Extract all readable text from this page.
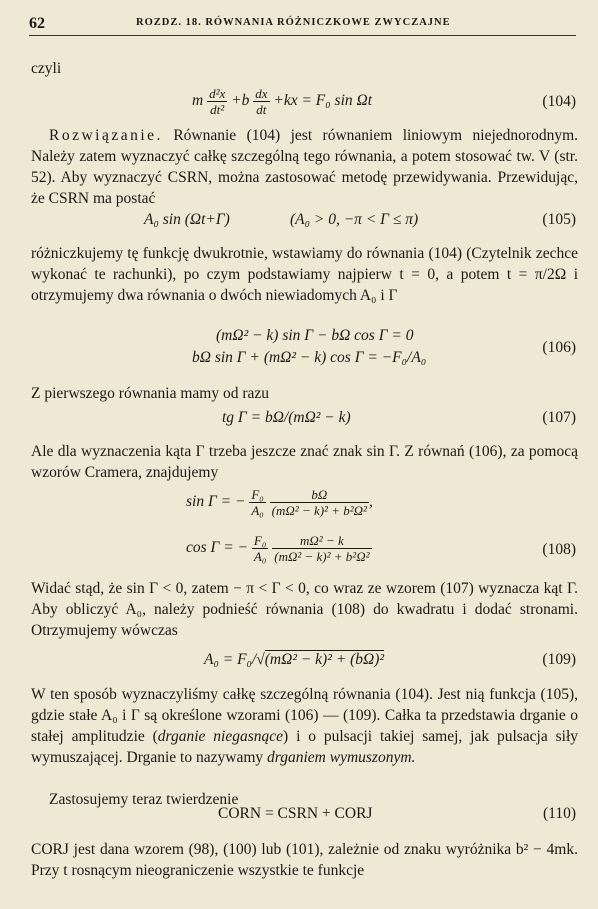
62	ROZDZ. 18. RÓWNANIA RÓŻNICZKOWE ZWYCZAJNE
czyli
m $\frac{\text{d²x}}{\text{dt²}} +b \frac{dx}{dt} +kx = F_0$ sin Ωt	(104)
Rozwiązanie. Równanie (104) jest równaniem liniowym niejednorodnym. Należy zatem wyznaczyć całkę szczególną tego równania, a potem stosować tw. V (str. 52). Aby wyznaczyć CSRN, można zastosować metodę przewidywania. Przewidując, że CSRN ma postać
A₀ sin (Ωt+Γ)	(A₀ > 0, −π < Γ ≤ π)	(105)
różniczkujemy tę funkcję dwukrotnie, wstawiamy do równania (104) (Czytelnik zechce wykonać te rachunki), po czym podstawiamy najpierw t = 0, a potem t = π/2Ω i otrzymujemy dwa równania o dwóch niewiadomych A₀ i Γ
(mΩ² − k) sin Γ − bΩ cos Γ = 0
bΩ sin Γ + (mΩ² − k) cos Γ = −F₀/A₀
(106)
Z pierwszego równania mamy od razu
tg Γ = bΩ/(mΩ² − k)	(107)
Ale dla wyznaczenia kąta Γ trzeba jeszcze znać znak sin Γ. Z równań (106), za pomocą wzorów Cramera, znajdujemy
sin Γ = − $\frac{\text{F₀}}{\text{A₀}}$
$\frac{b\Omega}{\text{(mΩ² − k)² + b²Ω²}}$ ,
cos Γ = − $\frac{\text{F₀}}{\text{A₀}}$
$\frac{\text{mΩ² − k}}{\text{(mΩ² − k)² + b²Ω²}}$	(108)
Widać stąd, że sin Γ < 0, zatem − π < Γ < 0, co wraz ze wzorem (107) wyznacza kąt Γ. Aby obliczyć A₀, należy podnieść równania (108) do kwadratu i dodać stronami. Otrzymujemy wówczas
A₀ = F₀/√(mΩ² − k)² + (bΩ)²	(109)
W ten sposób wyznaczyliśmy całkę szczególną równania (104). Jest nią funkcja (105), gdzie stałe A₀ i Γ są określone wzorami (106) — (109). Całka ta przedstawia drganie o stałej amplitudzie (drganie niegasnące) i o pulsacji takiej samej, jak pulsacja siły wymuszającej. Drganie to nazywamy drganiem wymuszonym.
Zastosujemy teraz twierdzenie
CORN = CSRN + CORJ	(110)
CORJ jest dana wzorem (98), (100) lub (101), zależnie od znaku wyróżnika b² − 4mk. Przy t rosnącym nieograniczenie wszystkie te funkcje
